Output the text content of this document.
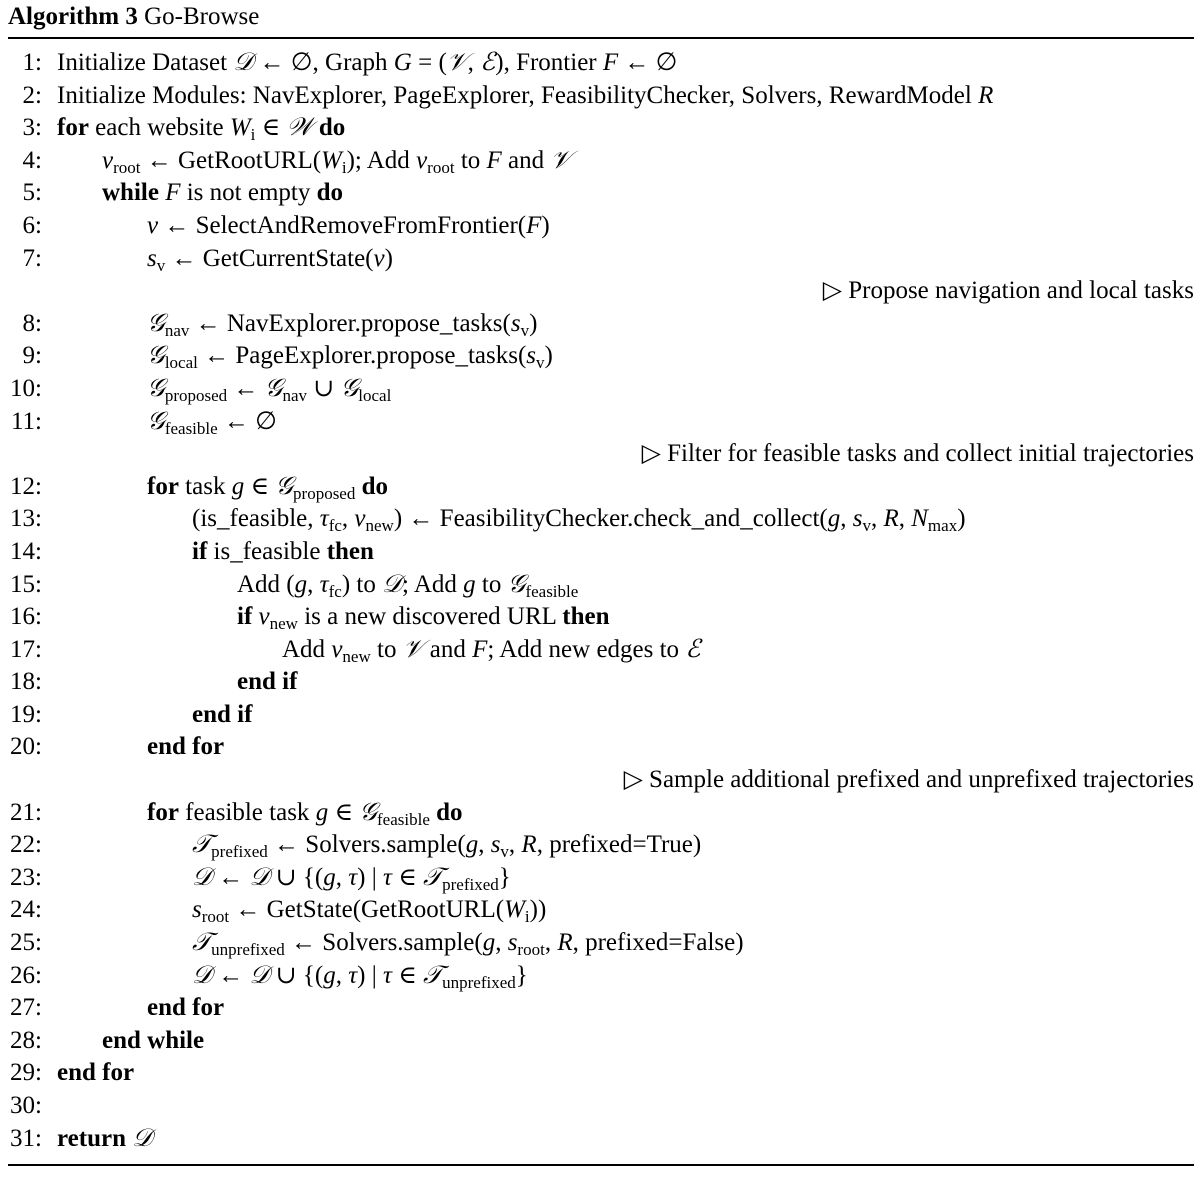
Algorithm 3 Go-Browse
1: Initialize Dataset 𝒟 ← ∅, Graph G = (𝒱, ℰ), Frontier F ← ∅
2: Initialize Modules: NavExplorer, PageExplorer, FeasibilityChecker, Solvers, RewardModel R
3: for each website $W_i$ ∈ 𝒲 do
4: $v_{root}$ ← $GetRootURL(W_i)$; Add $v_{root}$ to F and 𝒱
5: while F is not empty do
6:	v ← SelectAndRemoveFromFrontier(F)
7:	$s_v$ ← GetCurrentState(v)
▷ Propose navigation and local tasks
8:	𝒢$_{nav}$ ← $NavExplorer.propose\_tasks(s_v)$
9:	𝒢$_{local}$ ← $PageExplorer.propose\_tasks(s_v)$
10:	𝒢$_{proposed}$ ← 𝒢$_{nav}$ ∪ 𝒢$_{local}$
11:	𝒢$_{feasible}$ ← ∅
▷ Filter for feasible tasks and collect initial trajectories
12:	for task g ∈ 𝒢$_{proposed}$ do
13:	(is_feasible, $\tau_{fc}$, $v_{new}$) ← FeasibilityChecker.check_and_collect(g, $s_v$, R, $N_{max}$)
14:	if is_feasible then
15:	Add (g, $\tau_{fc}$) to 𝒟; Add g to 𝒢$_{feasible}$
16:	if $v_{new}$ is a new discovered URL then
17:	Add $v_{new}$ to 𝒱 and F; Add new edges to ℰ
18:	end if
19:	end if
20:	end for
▷ Sample additional prefixed and unprefixed trajectories
21:	for feasible task g ∈ 𝒢$_{feasible}$ do
22:	𝒯$_{prefixed}$ ← Solvers.sample(g, $s_v$, R, prefixed=True)
23:	𝒟 ← 𝒟 ∪ {(g, τ) | τ ∈ 𝒯$_{prefixed}$}
24:	$s_{root}$ ← $GetState(GetRootURL(W_i))$
25:	𝒯$_{unprefixed}$ ← Solvers.sample(g, $s_{root}$, R, prefixed=False)
26:	𝒟 ← 𝒟 ∪ {(g, τ) | τ ∈ 𝒯$_{unprefixed}$}
27:	end for
28: end while
29: end for
30:
31: return 𝒟
